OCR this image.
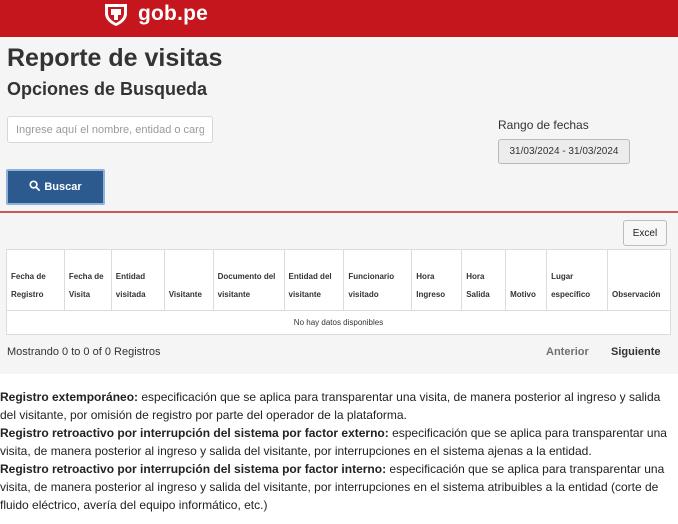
gob.pe
Reporte de visitas
Opciones de Busqueda
Ingrese aquí el nombre, entidad o cargo
Rango de fechas
31/03/2024 - 31/03/2024
Buscar
Excel
Fecha de Registro	Fecha de Visita	Entidad visitada	Visitante	Documento del visitante	Entidad del visitante	Funcionario visitado	Hora Ingreso	Hora Salida	Motivo	Lugar específico	Observación
No hay datos disponibles
Mostrando 0 to 0 of 0 Registros	Anterior Siguiente

Registro extemporáneo: especificación que se aplica para transparentar una visita, de manera posterior al ingreso y salida del visitante, por omisión de registro por parte del operador de la plataforma.

Registro retroactivo por interrupción del sistema por factor externo: especificación que se aplica para transparentar una visita, de manera posterior al ingreso y salida del visitante, por interrupciones en el sistema ajenas a la entidad.

Registro retroactivo por interrupción del sistema por factor interno: especificación que se aplica para transparentar una visita, de manera posterior al ingreso y salida del visitante, por interrupciones en el sistema atribuibles a la entidad (corte de fluido eléctrico, avería del equipo informático, etc.)
